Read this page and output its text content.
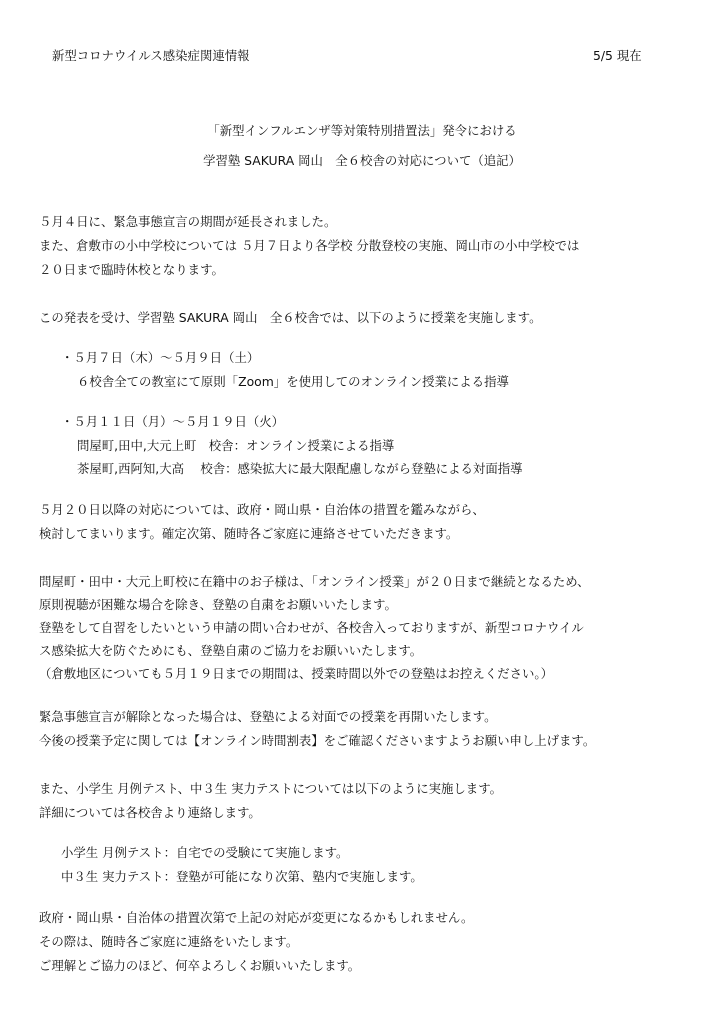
新型コロナウイルス感染症関連情報	5/5 現在
「新型インフルエンザ等対策特別措置法」発令における
学習塾 SAKURA 岡山　全６校舎の対応について（追記）
５月４日に、緊急事態宣言の期間が延長されました。
また、倉敷市の小中学校については ５月７日より各学校 分散登校の実施、岡山市の小中学校では
２０日まで臨時休校となります。
この発表を受け、学習塾 SAKURA 岡山　全６校舎では、以下のように授業を実施します。
・５月７日（木）～５月９日（土）
６校舎全ての教室にて原則「Zoom」を使用してのオンライン授業による指導
・５月１１日（月）～５月１９日（火）
問屋町,田中,大元上町　校舎：オンライン授業による指導
茶屋町,西阿知,大高　 校舎：感染拡大に最大限配慮しながら登塾による対面指導
５月２０日以降の対応については、政府・岡山県・自治体の措置を鑑みながら、
検討してまいります。確定次第、随時各ご家庭に連絡させていただきます。
問屋町・田中・大元上町校に在籍中のお子様は、「オンライン授業」が２０日まで継続となるため、
原則視聴が困難な場合を除き、登塾の自粛をお願いいたします。
登塾をして自習をしたいという申請の問い合わせが、各校舎入っておりますが、新型コロナウイル
ス感染拡大を防ぐためにも、登塾自粛のご協力をお願いいたします。
（倉敷地区についても５月１９日までの期間は、授業時間以外での登塾はお控えください。）
緊急事態宣言が解除となった場合は、登塾による対面での授業を再開いたします。
今後の授業予定に関しては【オンライン時間割表】をご確認くださいますようお願い申し上げます。
また、小学生 月例テスト、中３生 実力テストについては以下のように実施します。
詳細については各校舎より連絡します。
小学生 月例テスト：自宅での受験にて実施します。
中３生 実力テスト：登塾が可能になり次第、塾内で実施します。
政府・岡山県・自治体の措置次第で上記の対応が変更になるかもしれません。
その際は、随時各ご家庭に連絡をいたします。
ご理解とご協力のほど、何卒よろしくお願いいたします。
